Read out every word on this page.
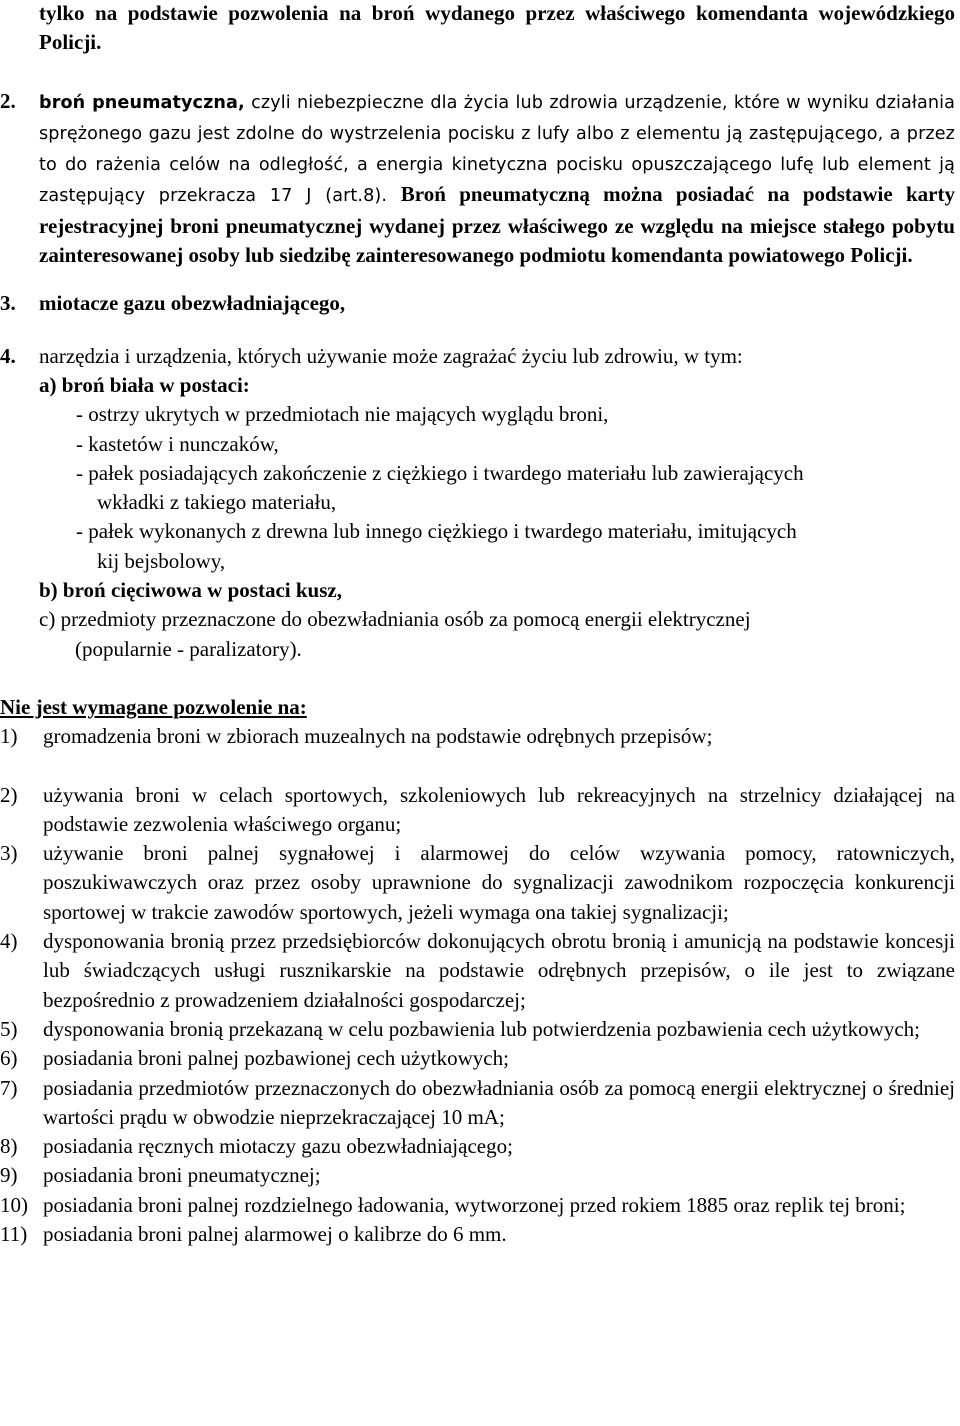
tylko na podstawie pozwolenia na broń wydanego przez właściwego komendanta wojewódzkiego Policji.

2.	broń pneumatyczna, czyli niebezpieczne dla życia lub zdrowia urządzenie, które w wyniku działania sprężonego gazu jest zdolne do wystrzelenia pocisku z lufy albo z elementu ją zastępującego, a przez to do rażenia celów na odległość, a energia kinetyczna pocisku opuszczającego lufę lub element ją zastępujący przekracza 17 J (art.8). Broń pneumatyczną można posiadać na podstawie karty rejestracyjnej broni pneumatycznej wydanej przez właściwego ze względu na miejsce stałego pobytu zainteresowanej osoby lub siedzibę zainteresowanego podmiotu komendanta powiatowego Policji.

3.	miotacze gazu obezwładniającego,
4.	narzędzia i urządzenia, których używanie może zagrażać życiu lub zdrowiu, w tym:

a) broń biała w postaci:

- ostrzy ukrytych w przedmiotach nie mających wyglądu broni,

- kastetów i nunczaków,

- pałek posiadających zakończenie z ciężkiego i twardego materiału lub zawierających

wkładki z takiego materiału,

- pałek wykonanych z drewna lub innego ciężkiego i twardego materiału, imitujących

kij bejsbolowy,

b) broń cięciwowa w postaci kusz,

c) przedmioty przeznaczone do obezwładniania osób za pomocą energii elektrycznej

(popularnie - paralizatory).

Nie jest wymagane pozwolenie na:

1)	gromadzenia broni w zbiorach muzealnych na podstawie odrębnych przepisów;
2)	używania broni w celach sportowych, szkoleniowych lub rekreacyjnych na strzelnicy działającej na podstawie zezwolenia właściwego organu;
3)	używanie broni palnej sygnałowej i alarmowej do celów wzywania pomocy, ratowniczych, poszukiwawczych oraz przez osoby uprawnione do sygnalizacji zawodnikom rozpoczęcia konkurencji sportowej w trakcie zawodów sportowych, jeżeli wymaga ona takiej sygnalizacji;
4)	dysponowania bronią przez przedsiębiorców dokonujących obrotu bronią i amunicją na podstawie koncesji lub świadczących usługi rusznikarskie na podstawie odrębnych przepisów, o ile jest to związane bezpośrednio z prowadzeniem działalności gospodarczej;
5)	dysponowania bronią przekazaną w celu pozbawienia lub potwierdzenia pozbawienia cech użytkowych;
6)	posiadania broni palnej pozbawionej cech użytkowych;
7)	posiadania przedmiotów przeznaczonych do obezwładniania osób za pomocą energii elektrycznej o średniej wartości prądu w obwodzie nieprzekraczającej 10 mA;
8)	posiadania ręcznych miotaczy gazu obezwładniającego;
9)	posiadania broni pneumatycznej;
10) posiadania broni palnej rozdzielnego ładowania, wytworzonej przed rokiem 1885 oraz replik tej broni;
11) posiadania broni palnej alarmowej o kalibrze do 6 mm.
